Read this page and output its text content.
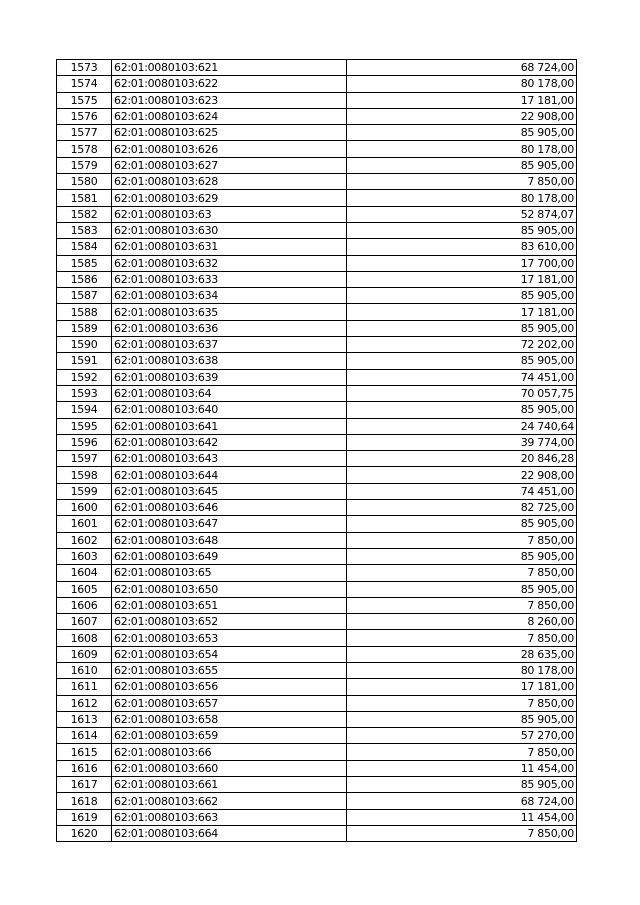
1573	62:01:0080103:621	68 724,00
1574	62:01:0080103:622	80 178,00
1575	62:01:0080103:623	17 181,00
1576	62:01:0080103:624	22 908,00
1577	62:01:0080103:625	85 905,00
1578	62:01:0080103:626	80 178,00
1579	62:01:0080103:627	85 905,00
1580	62:01:0080103:628	7 850,00
1581	62:01:0080103:629	80 178,00
1582	62:01:0080103:63	52 874,07
1583	62:01:0080103:630	85 905,00
1584	62:01:0080103:631	83 610,00
1585	62:01:0080103:632	17 700,00
1586	62:01:0080103:633	17 181,00
1587	62:01:0080103:634	85 905,00
1588	62:01:0080103:635	17 181,00
1589	62:01:0080103:636	85 905,00
1590	62:01:0080103:637	72 202,00
1591	62:01:0080103:638	85 905,00
1592	62:01:0080103:639	74 451,00
1593	62:01:0080103:64	70 057,75
1594	62:01:0080103:640	85 905,00
1595	62:01:0080103:641	24 740,64
1596	62:01:0080103:642	39 774,00
1597	62:01:0080103:643	20 846,28
1598	62:01:0080103:644	22 908,00
1599	62:01:0080103:645	74 451,00
1600	62:01:0080103:646	82 725,00
1601	62:01:0080103:647	85 905,00
1602	62:01:0080103:648	7 850,00
1603	62:01:0080103:649	85 905,00
1604	62:01:0080103:65	7 850,00
1605	62:01:0080103:650	85 905,00
1606	62:01:0080103:651	7 850,00
1607	62:01:0080103:652	8 260,00
1608	62:01:0080103:653	7 850,00
1609	62:01:0080103:654	28 635,00
1610	62:01:0080103:655	80 178,00
1611	62:01:0080103:656	17 181,00
1612	62:01:0080103:657	7 850,00
1613	62:01:0080103:658	85 905,00
1614	62:01:0080103:659	57 270,00
1615	62:01:0080103:66	7 850,00
1616	62:01:0080103:660	11 454,00
1617	62:01:0080103:661	85 905,00
1618	62:01:0080103:662	68 724,00
1619	62:01:0080103:663	11 454,00
1620	62:01:0080103:664	7 850,00
